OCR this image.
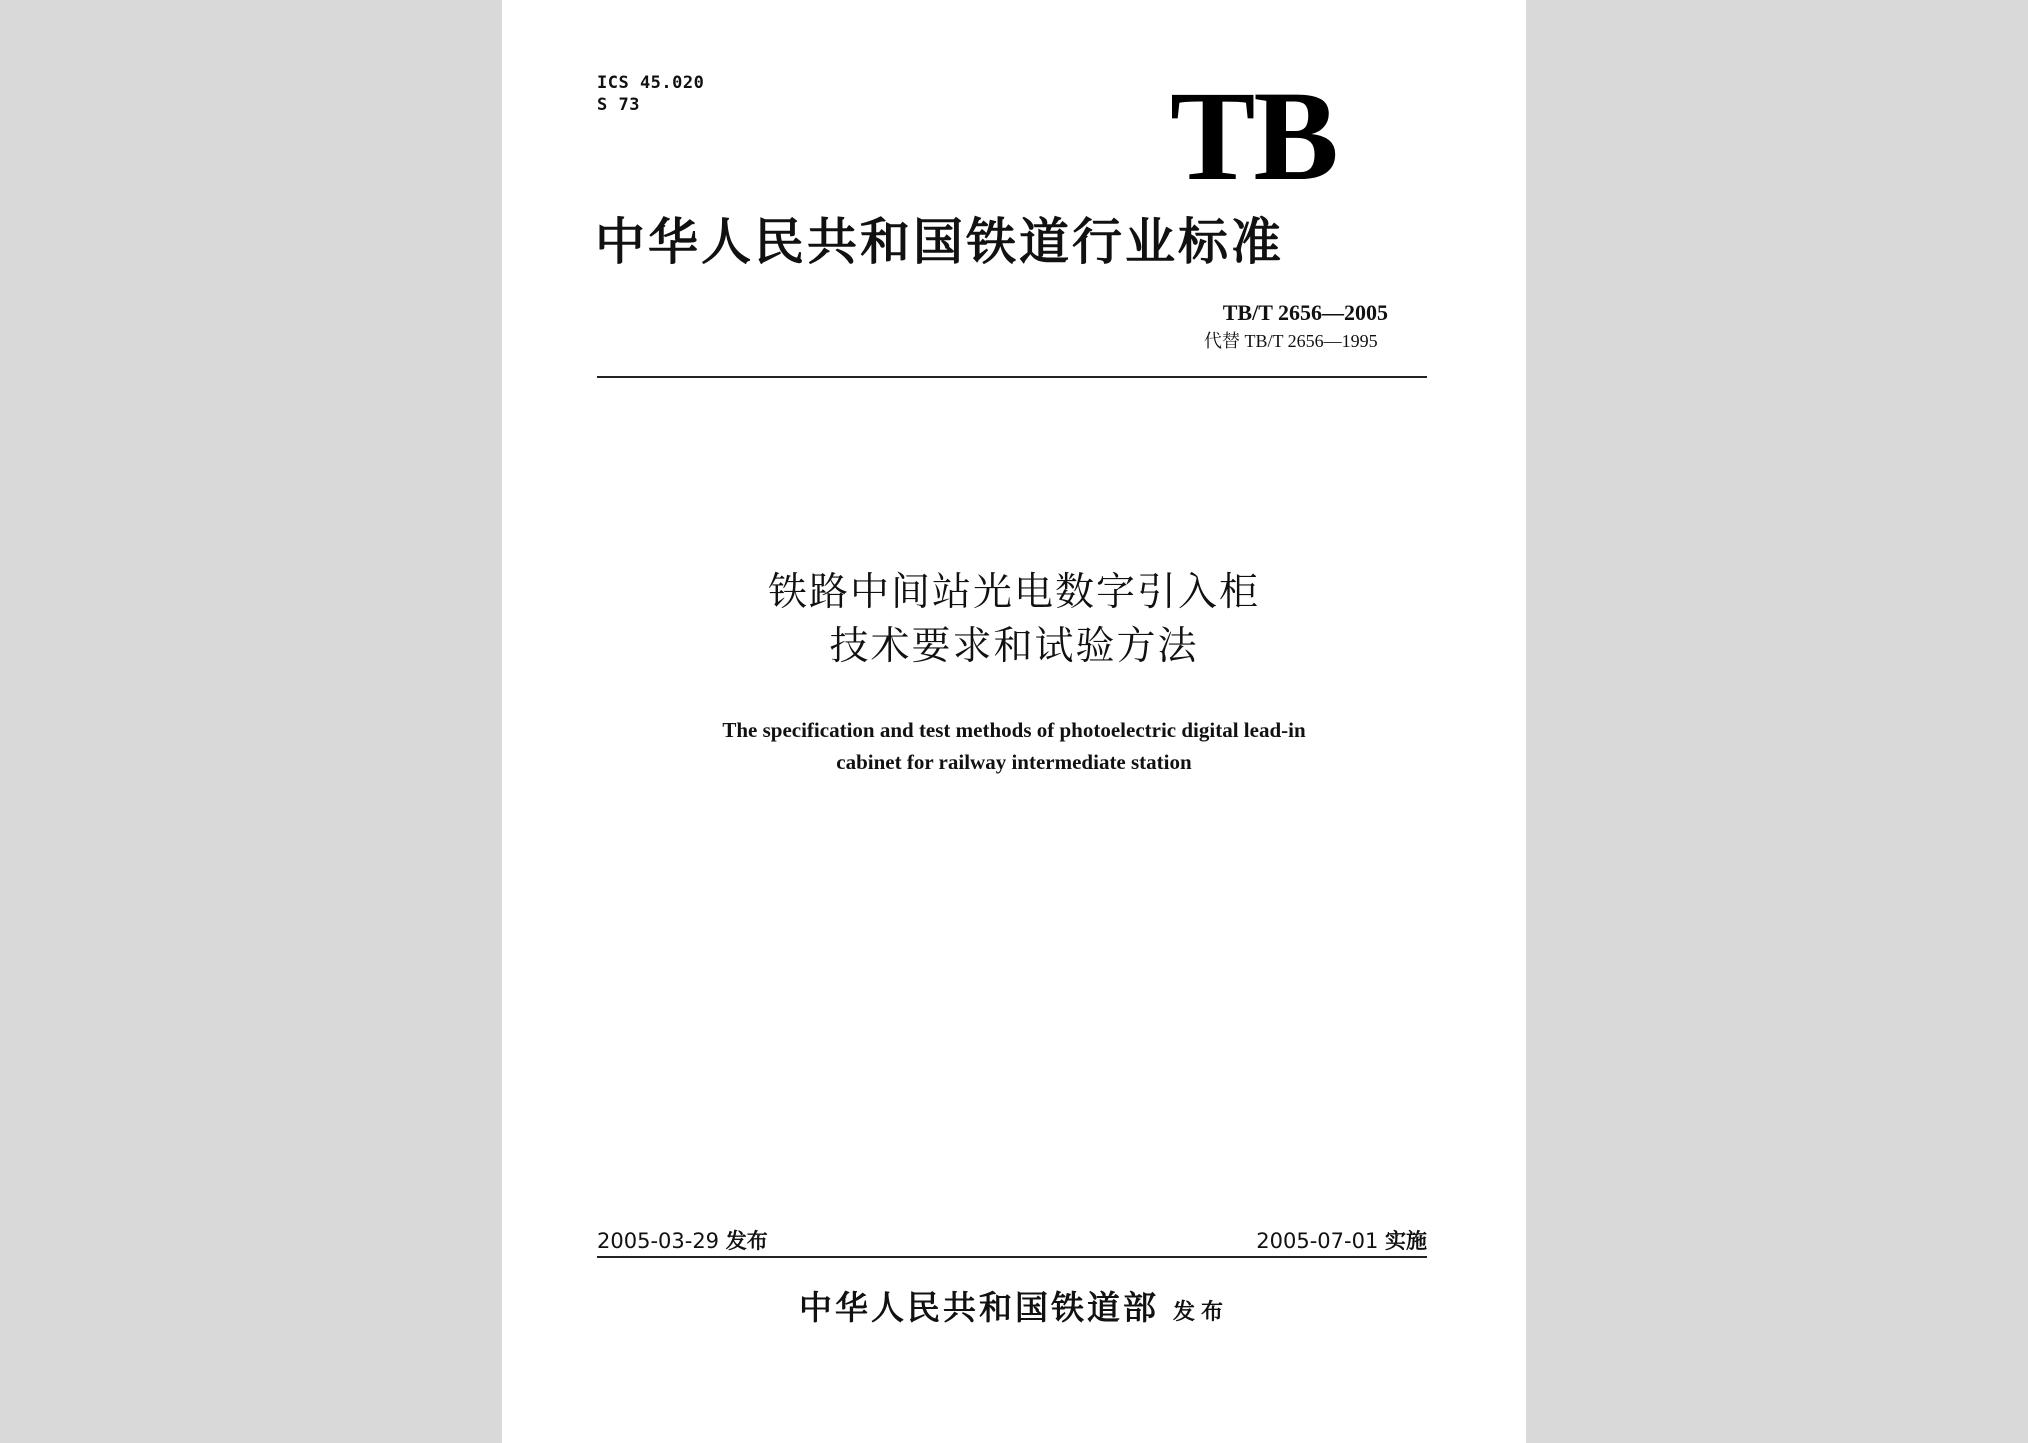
ICS 45.020
S 73	TB
中华人民共和国铁道行业标准
TB/T 2656—2005
代替 TB/T 2656—1995
铁路中间站光电数字引入柜
技术要求和试验方法
The specification and test methods of photoelectric digital lead-in
cabinet for railway intermediate station
2005-03-29 发布	2005-07-01 实施
中华人民共和国铁道部 发布
